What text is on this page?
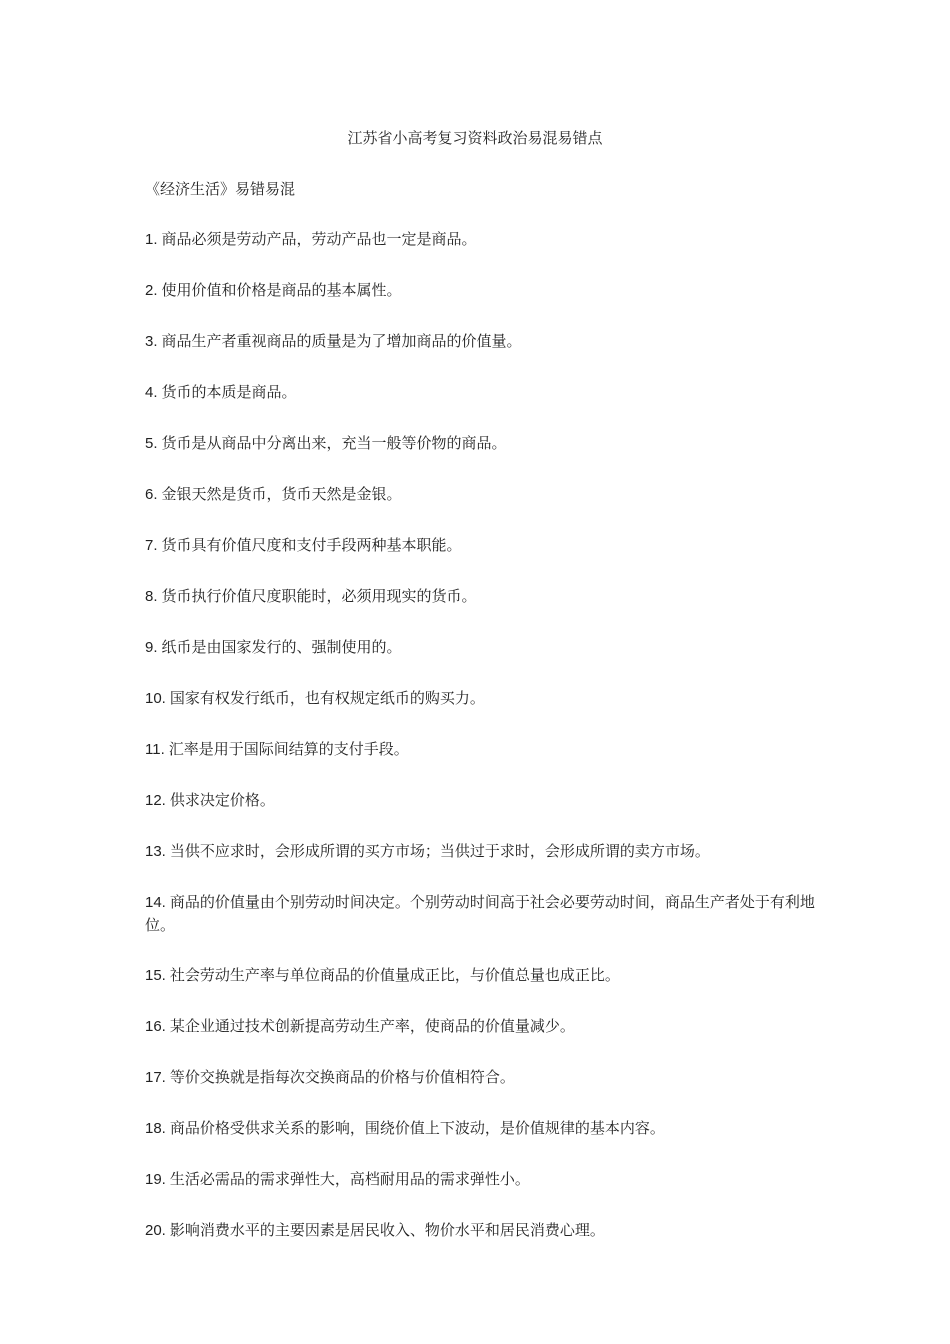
江苏省小高考复习资料政治易混易错点
《经济生活》易错易混
1. 商品必须是劳动产品，劳动产品也一定是商品。
2. 使用价值和价格是商品的基本属性。
3. 商品生产者重视商品的质量是为了增加商品的价值量。
4. 货币的本质是商品。
5. 货币是从商品中分离出来，充当一般等价物的商品。
6. 金银天然是货币，货币天然是金银。
7. 货币具有价值尺度和支付手段两种基本职能。
8. 货币执行价值尺度职能时，必须用现实的货币。
9. 纸币是由国家发行的、强制使用的。
10. 国家有权发行纸币，也有权规定纸币的购买力。
11. 汇率是用于国际间结算的支付手段。
12. 供求决定价格。
13. 当供不应求时，会形成所谓的买方市场；当供过于求时，会形成所谓的卖方市场。
14. 商品的价值量由个别劳动时间决定。个别劳动时间高于社会必要劳动时间，商品生产者处于有利地位。
15. 社会劳动生产率与单位商品的价值量成正比，与价值总量也成正比。
16. 某企业通过技术创新提高劳动生产率，使商品的价值量减少。
17. 等价交换就是指每次交换商品的价格与价值相符合。
18. 商品价格受供求关系的影响，围绕价值上下波动，是价值规律的基本内容。
19. 生活必需品的需求弹性大，高档耐用品的需求弹性小。
20. 影响消费水平的主要因素是居民收入、物价水平和居民消费心理。
